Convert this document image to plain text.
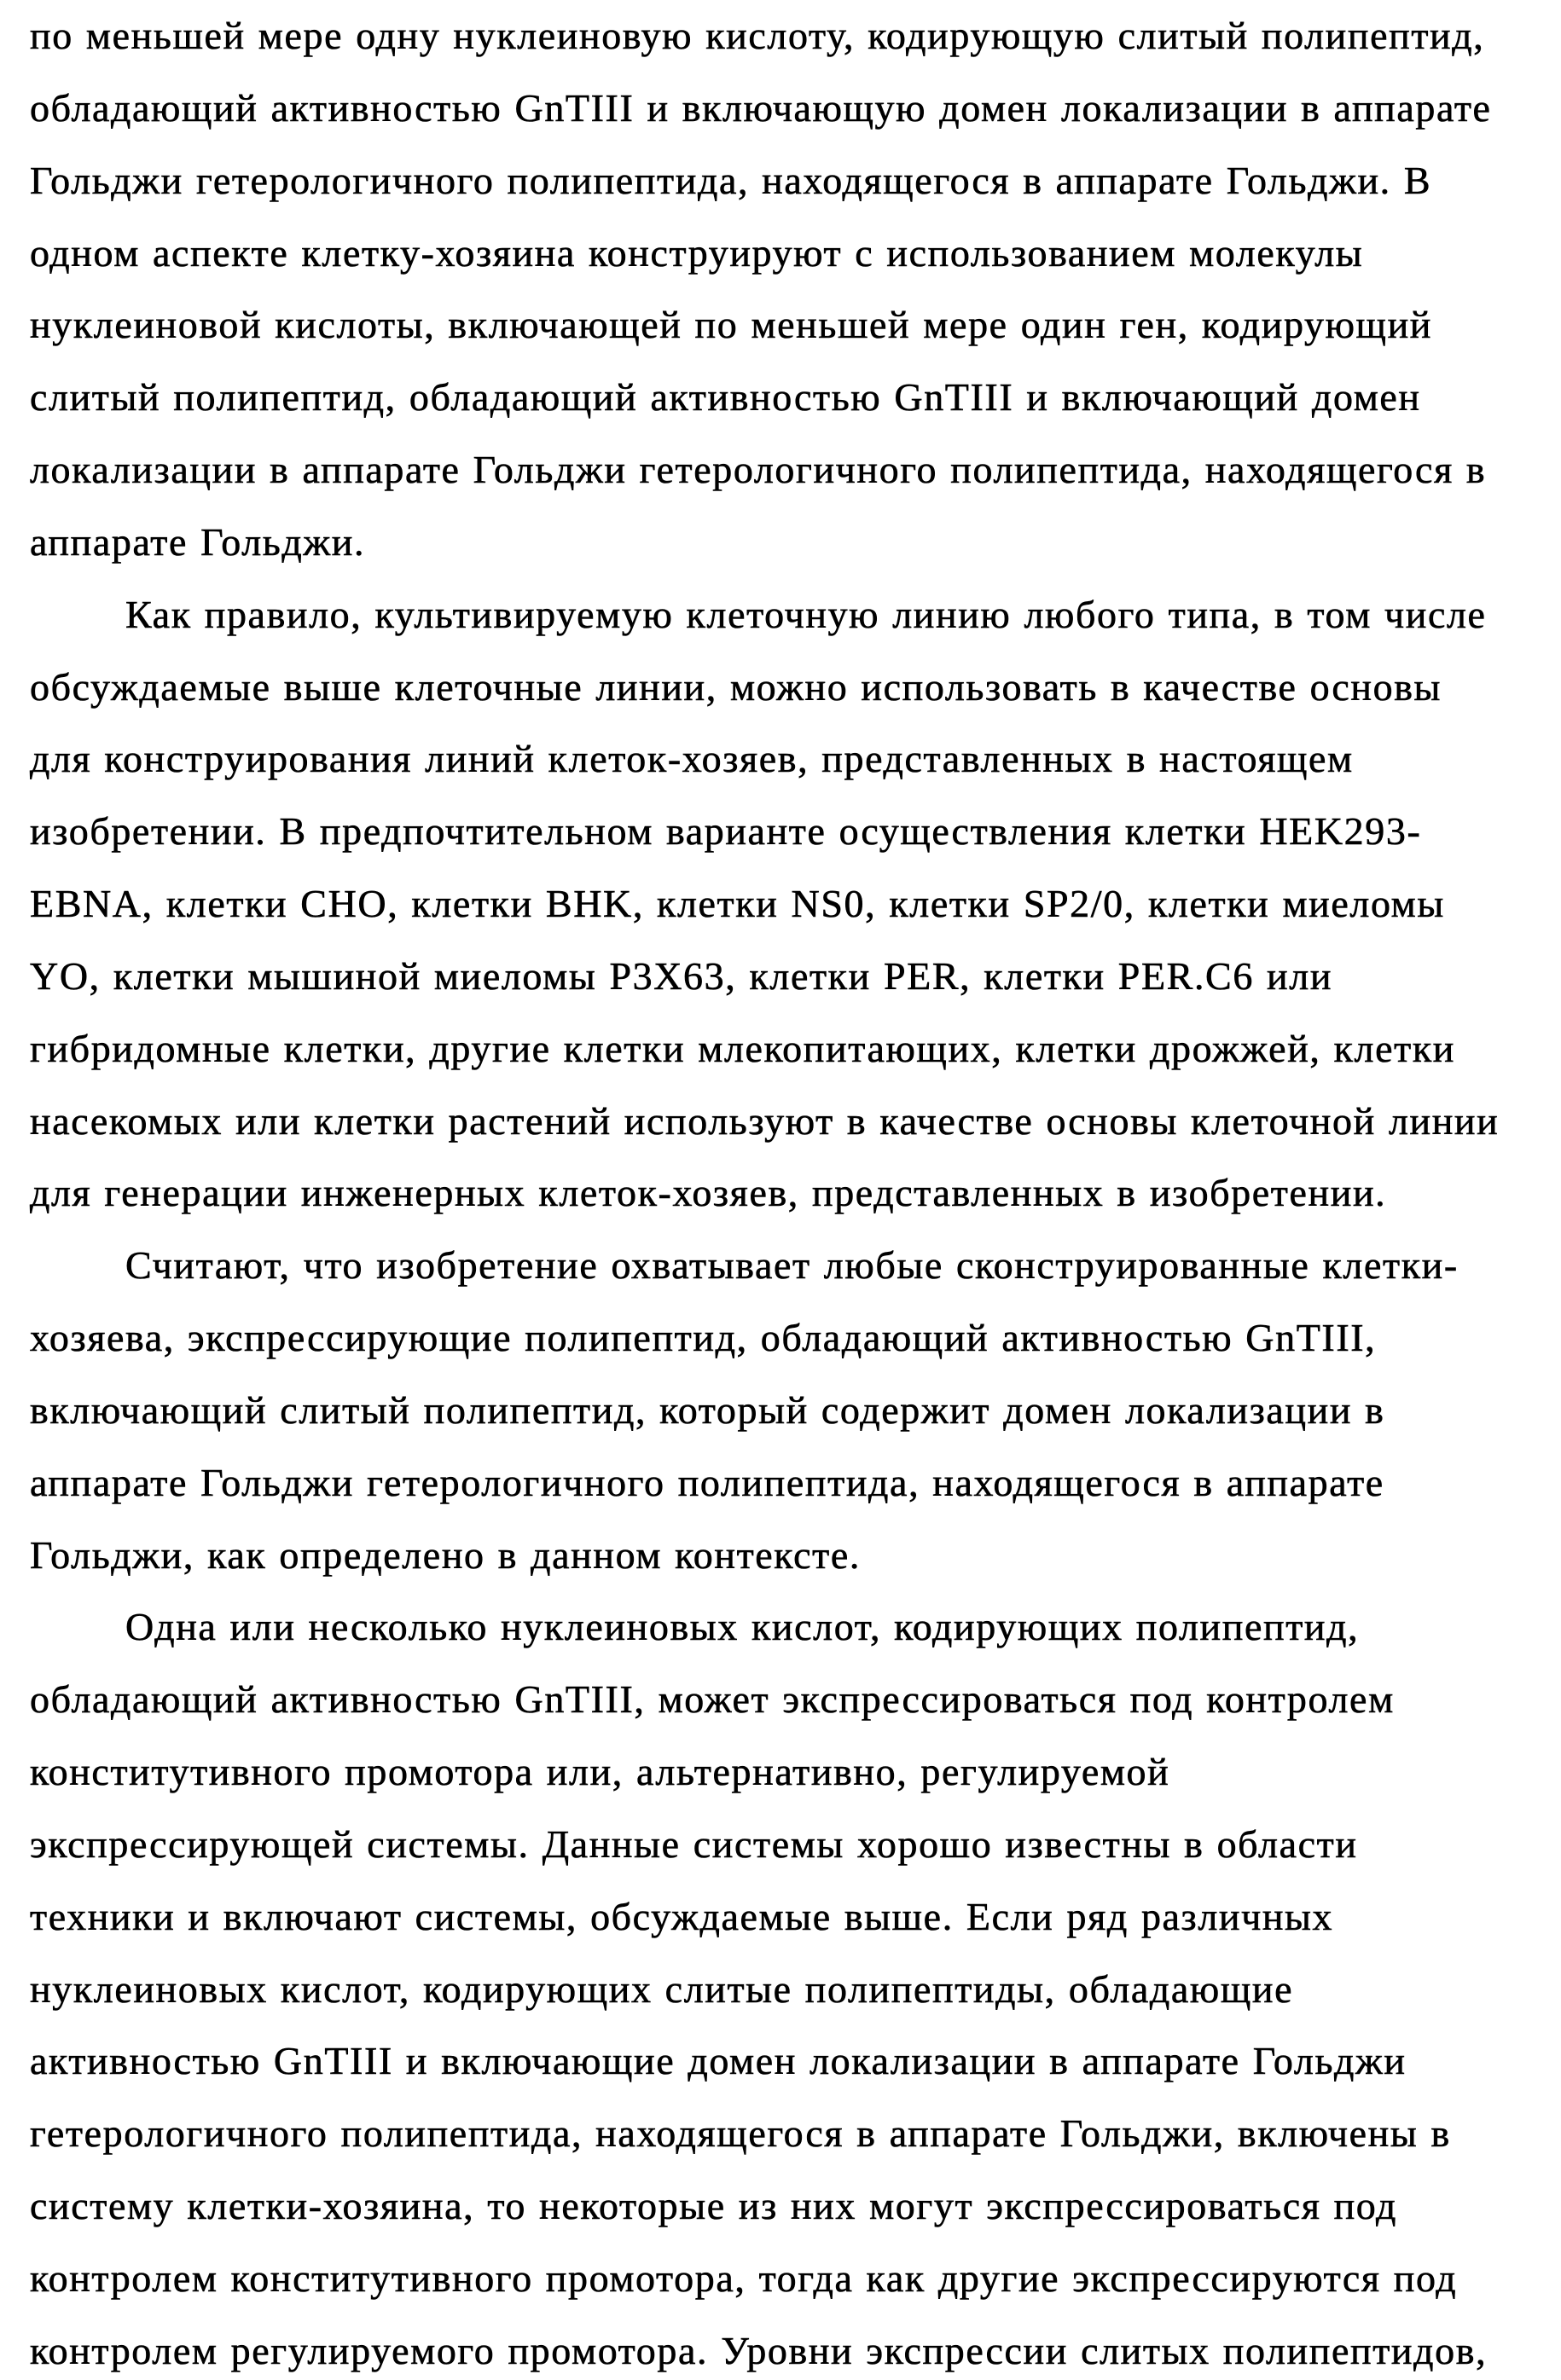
по меньшей мере одну нуклеиновую кислоту, кодирующую слитый полипептид,
обладающий активностью GnTIII и включающую домен локализации в аппарате
Гольджи гетерологичного полипептида, находящегося в аппарате Гольджи. В
одном аспекте клетку-хозяина конструируют с использованием молекулы
нуклеиновой кислоты, включающей по меньшей мере один ген, кодирующий
слитый полипептид, обладающий активностью GnTIII и включающий домен
локализации в аппарате Гольджи гетерологичного полипептида, находящегося в
аппарате Гольджи.
Как правило, культивируемую клеточную линию любого типа, в том числе
обсуждаемые выше клеточные линии, можно использовать в качестве основы
для конструирования линий клеток-хозяев, представленных в настоящем
изобретении. В предпочтительном варианте осуществления клетки HEK293-
EBNA, клетки CHO, клетки BHK, клетки NS0, клетки SP2/0, клетки миеломы
YO, клетки мышиной миеломы P3X63, клетки PER, клетки PER.C6 или
гибридомные клетки, другие клетки млекопитающих, клетки дрожжей, клетки
насекомых или клетки растений используют в качестве основы клеточной линии
для генерации инженерных клеток-хозяев, представленных в изобретении.
Считают, что изобретение охватывает любые сконструированные клетки-
хозяева, экспрессирующие полипептид, обладающий активностью GnTIII,
включающий слитый полипептид, который содержит домен локализации в
аппарате Гольджи гетерологичного полипептида, находящегося в аппарате
Гольджи, как определено в данном контексте.
Одна или несколько нуклеиновых кислот, кодирующих полипептид,
обладающий активностью GnTIII, может экспрессироваться под контролем
конститутивного промотора или, альтернативно, регулируемой
экспрессирующей системы. Данные системы хорошо известны в области
техники и включают системы, обсуждаемые выше. Если ряд различных
нуклеиновых кислот, кодирующих слитые полипептиды, обладающие
активностью GnTIII и включающие домен локализации в аппарате Гольджи
гетерологичного полипептида, находящегося в аппарате Гольджи, включены в
систему клетки-хозяина, то некоторые из них могут экспрессироваться под
контролем конститутивного промотора, тогда как другие экспрессируются под
контролем регулируемого промотора. Уровни экспрессии слитых полипептидов,
